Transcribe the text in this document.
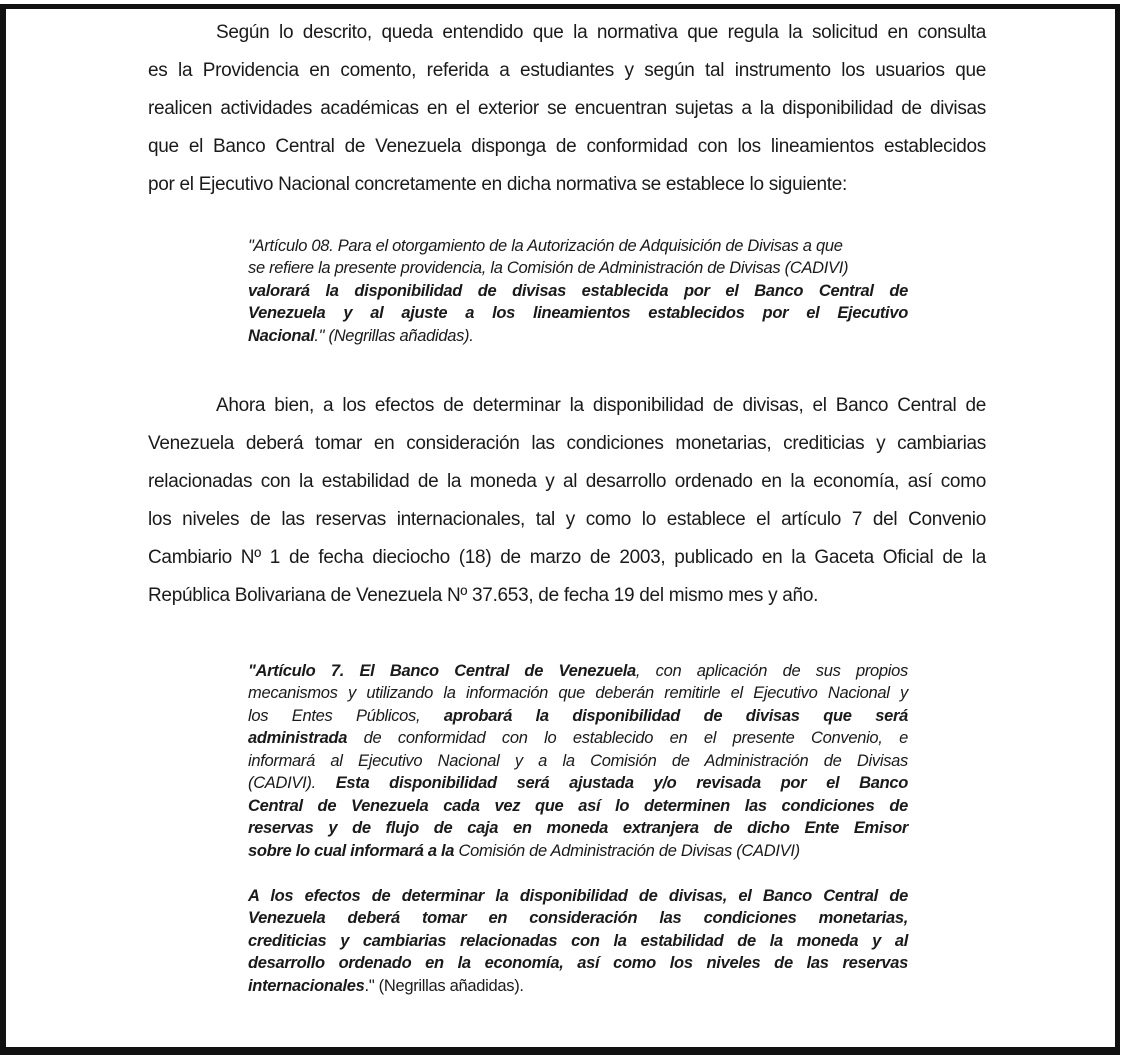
Según lo descrito, queda entendido que la normativa que regula la solicitud en consulta
es la Providencia en comento, referida a estudiantes y según tal instrumento los usuarios que
realicen actividades académicas en el exterior se encuentran sujetas a la disponibilidad de divisas
que el Banco Central de Venezuela disponga de conformidad con los lineamientos establecidos
por el Ejecutivo Nacional concretamente en dicha normativa se establece lo siguiente:
"Artículo 08. Para el otorgamiento de la Autorización de Adquisición de Divisas a que
se refiere la presente providencia, la Comisión de Administración de Divisas (CADIVI)
valorará la disponibilidad de divisas establecida por el Banco Central de
Venezuela y al ajuste a los lineamientos establecidos por el Ejecutivo
Nacional." (Negrillas añadidas).
Ahora bien, a los efectos de determinar la disponibilidad de divisas, el Banco Central de
Venezuela deberá tomar en consideración las condiciones monetarias, crediticias y cambiarias
relacionadas con la estabilidad de la moneda y al desarrollo ordenado en la economía, así como
los niveles de las reservas internacionales, tal y como lo establece el artículo 7 del Convenio
Cambiario Nº 1 de fecha dieciocho (18) de marzo de 2003, publicado en la Gaceta Oficial de la
República Bolivariana de Venezuela Nº 37.653, de fecha 19 del mismo mes y año.
"Artículo 7. El Banco Central de Venezuela, con aplicación de sus propios
mecanismos y utilizando la información que deberán remitirle el Ejecutivo Nacional y
los Entes Públicos, aprobará la disponibilidad de divisas que será
administrada de conformidad con lo establecido en el presente Convenio, e
informará al Ejecutivo Nacional y a la Comisión de Administración de Divisas
(CADIVI). Esta disponibilidad será ajustada y/o revisada por el Banco
Central de Venezuela cada vez que así lo determinen las condiciones de
reservas y de flujo de caja en moneda extranjera de dicho Ente Emisor
sobre lo cual informará a la Comisión de Administración de Divisas (CADIVI)
A los efectos de determinar la disponibilidad de divisas, el Banco Central de
Venezuela deberá tomar en consideración las condiciones monetarias,
crediticias y cambiarias relacionadas con la estabilidad de la moneda y al
desarrollo ordenado en la economía, así como los niveles de las reservas
internacionales." (Negrillas añadidas).
